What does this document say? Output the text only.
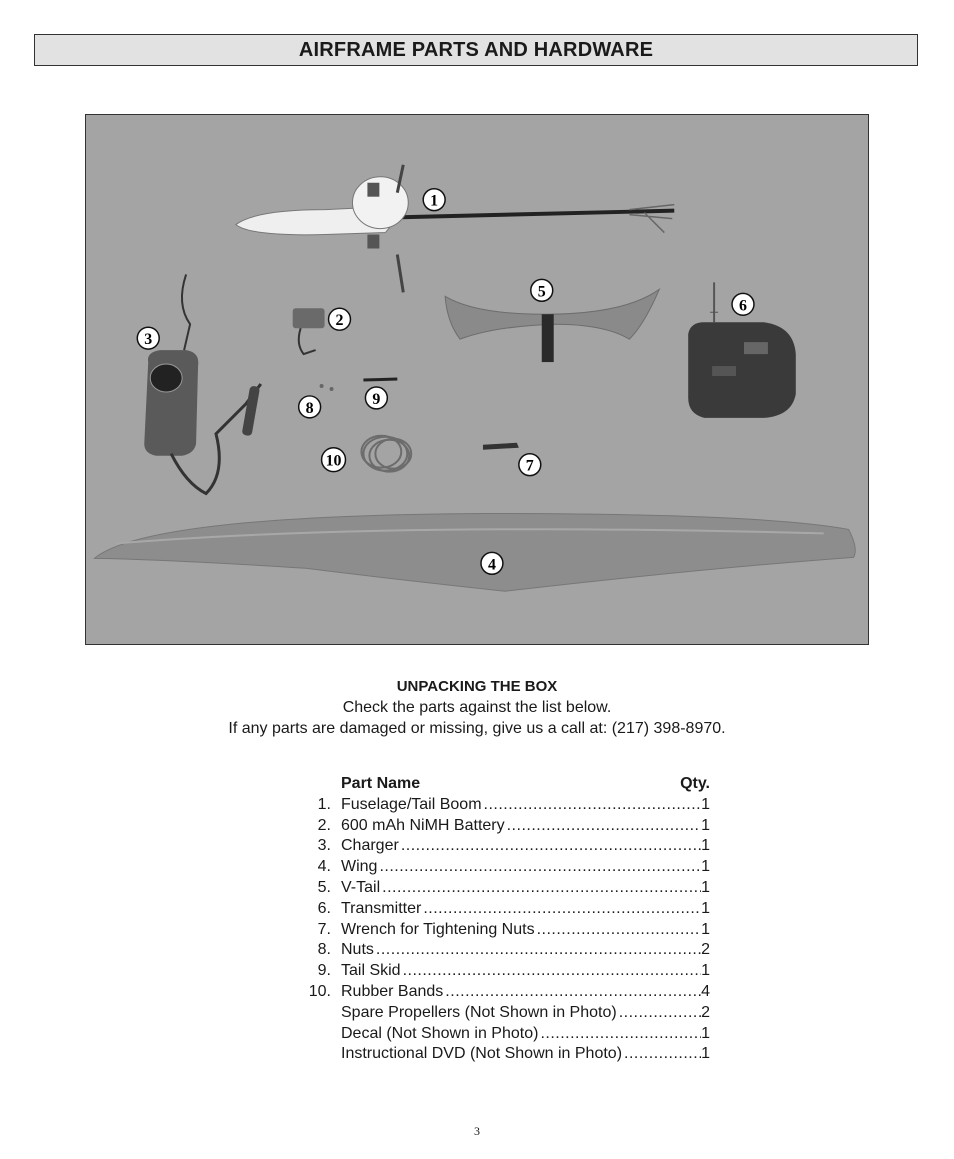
AIRFRAME PARTS AND HARDWARE
1
2
3
4
5
6
7
8
9
10
UNPACKING THE BOX
Check the parts against the list below.
If any parts are damaged or missing, give us a call at: (217) 398-8970.
Part Name	Qty.
1. Fuselage/Tail Boom .....	1
2. 600 mAh NiMH Battery .....	1
3. Charger .....	1
4. Wing .....	1
5. V-Tail .....	1
6. Transmitter .....	1
7. Wrench for Tightening Nuts .....	1
8. Nuts .....	2
9. Tail Skid .....	1
10. Rubber Bands .....	4
Spare Propellers (Not Shown in Photo) .....	2
Decal (Not Shown in Photo) .....	1
Instructional DVD (Not Shown in Photo) .....	1
3
